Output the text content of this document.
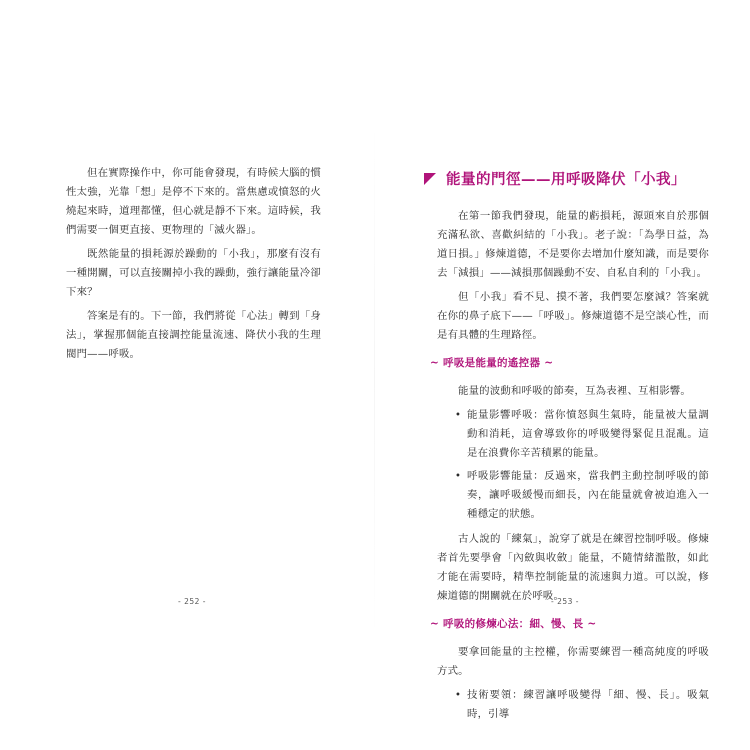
但在實際操作中，你可能會發現，有時候大腦的慣性太強，光靠「想」是停不下來的。當焦慮或憤怒的火燒起來時，道理都懂，但心就是靜不下來。這時候，我們需要一個更直接、更物理的「滅火器」。

既然能量的損耗源於躁動的「小我」，那麼有沒有一種開關，可以直接關掉小我的躁動，強行讓能量冷卻下來？

答案是有的。下一節，我們將從「心法」轉到「身法」，掌握那個能直接調控能量流速、降伏小我的生理閥門——呼吸。

- 252 -
能量的門徑——用呼吸降伏「小我」

在第一節我們發現，能量的虧損耗，源頭來自於那個充滿私欲、喜歡糾結的「小我」。老子說：「為學日益，為道日損。」修煉道德，不是要你去增加什麼知識，而是要你去「減損」——減損那個躁動不安、自私自利的「小我」。

但「小我」看不見、摸不著，我們要怎麼減？答案就在你的鼻子底下——「呼吸」。修煉道德不是空談心性，而是有具體的生理路徑。

~ 呼吸是能量的遙控器 ~

能量的波動和呼吸的節奏，互為表裡、互相影響。

• 能量影響呼吸：當你憤怒與生氣時，能量被大量調動和消耗，這會導致你的呼吸變得緊促且混亂。這是在浪費你辛苦積累的能量。
• 呼吸影響能量：反過來，當我們主動控制呼吸的節奏，讓呼吸緩慢而細長，內在能量就會被迫進入一種穩定的狀態。

古人說的「練氣」，說穿了就是在練習控制呼吸。修煉者首先要學會「內斂與收斂」能量，不隨情緒濫散，如此才能在需要時，精準控制能量的流速與力道。可以說，修煉道德的開關就在於呼吸。

~ 呼吸的修煉心法：細、慢、長 ~

要拿回能量的主控權，你需要練習一種高純度的呼吸方式。

• 技術要領：練習讓呼吸變得「細、慢、長」。吸氣時，引導
- 253 -
